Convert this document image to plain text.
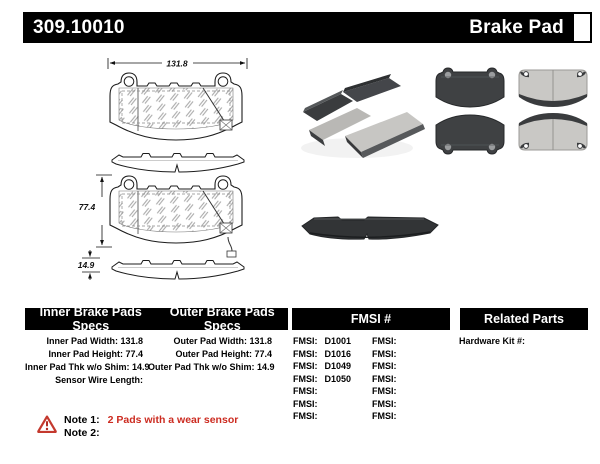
309.10010	Brake Pad
131.8
77.4
14.9
Inner Brake Pads Specs
Outer Brake Pads Specs	FMSI #	Related Parts
Inner Pad Width: 131.8
Inner Pad Height: 77.4
Inner Pad Thk w/o Shim: 14.9
Sensor Wire Length:
Outer Pad Width: 131.8
Outer Pad Height: 77.4
Outer Pad Thk w/o Shim: 14.9
FMSI: D1001
FMSI: D1016
FMSI: D1049
FMSI: D1050
FMSI:
FMSI:
FMSI:
FMSI:
FMSI:
FMSI:
FMSI:
FMSI:
FMSI:
FMSI:
Hardware Kit #:
Note 1: 2 Pads with a wear sensor
Note 2:
